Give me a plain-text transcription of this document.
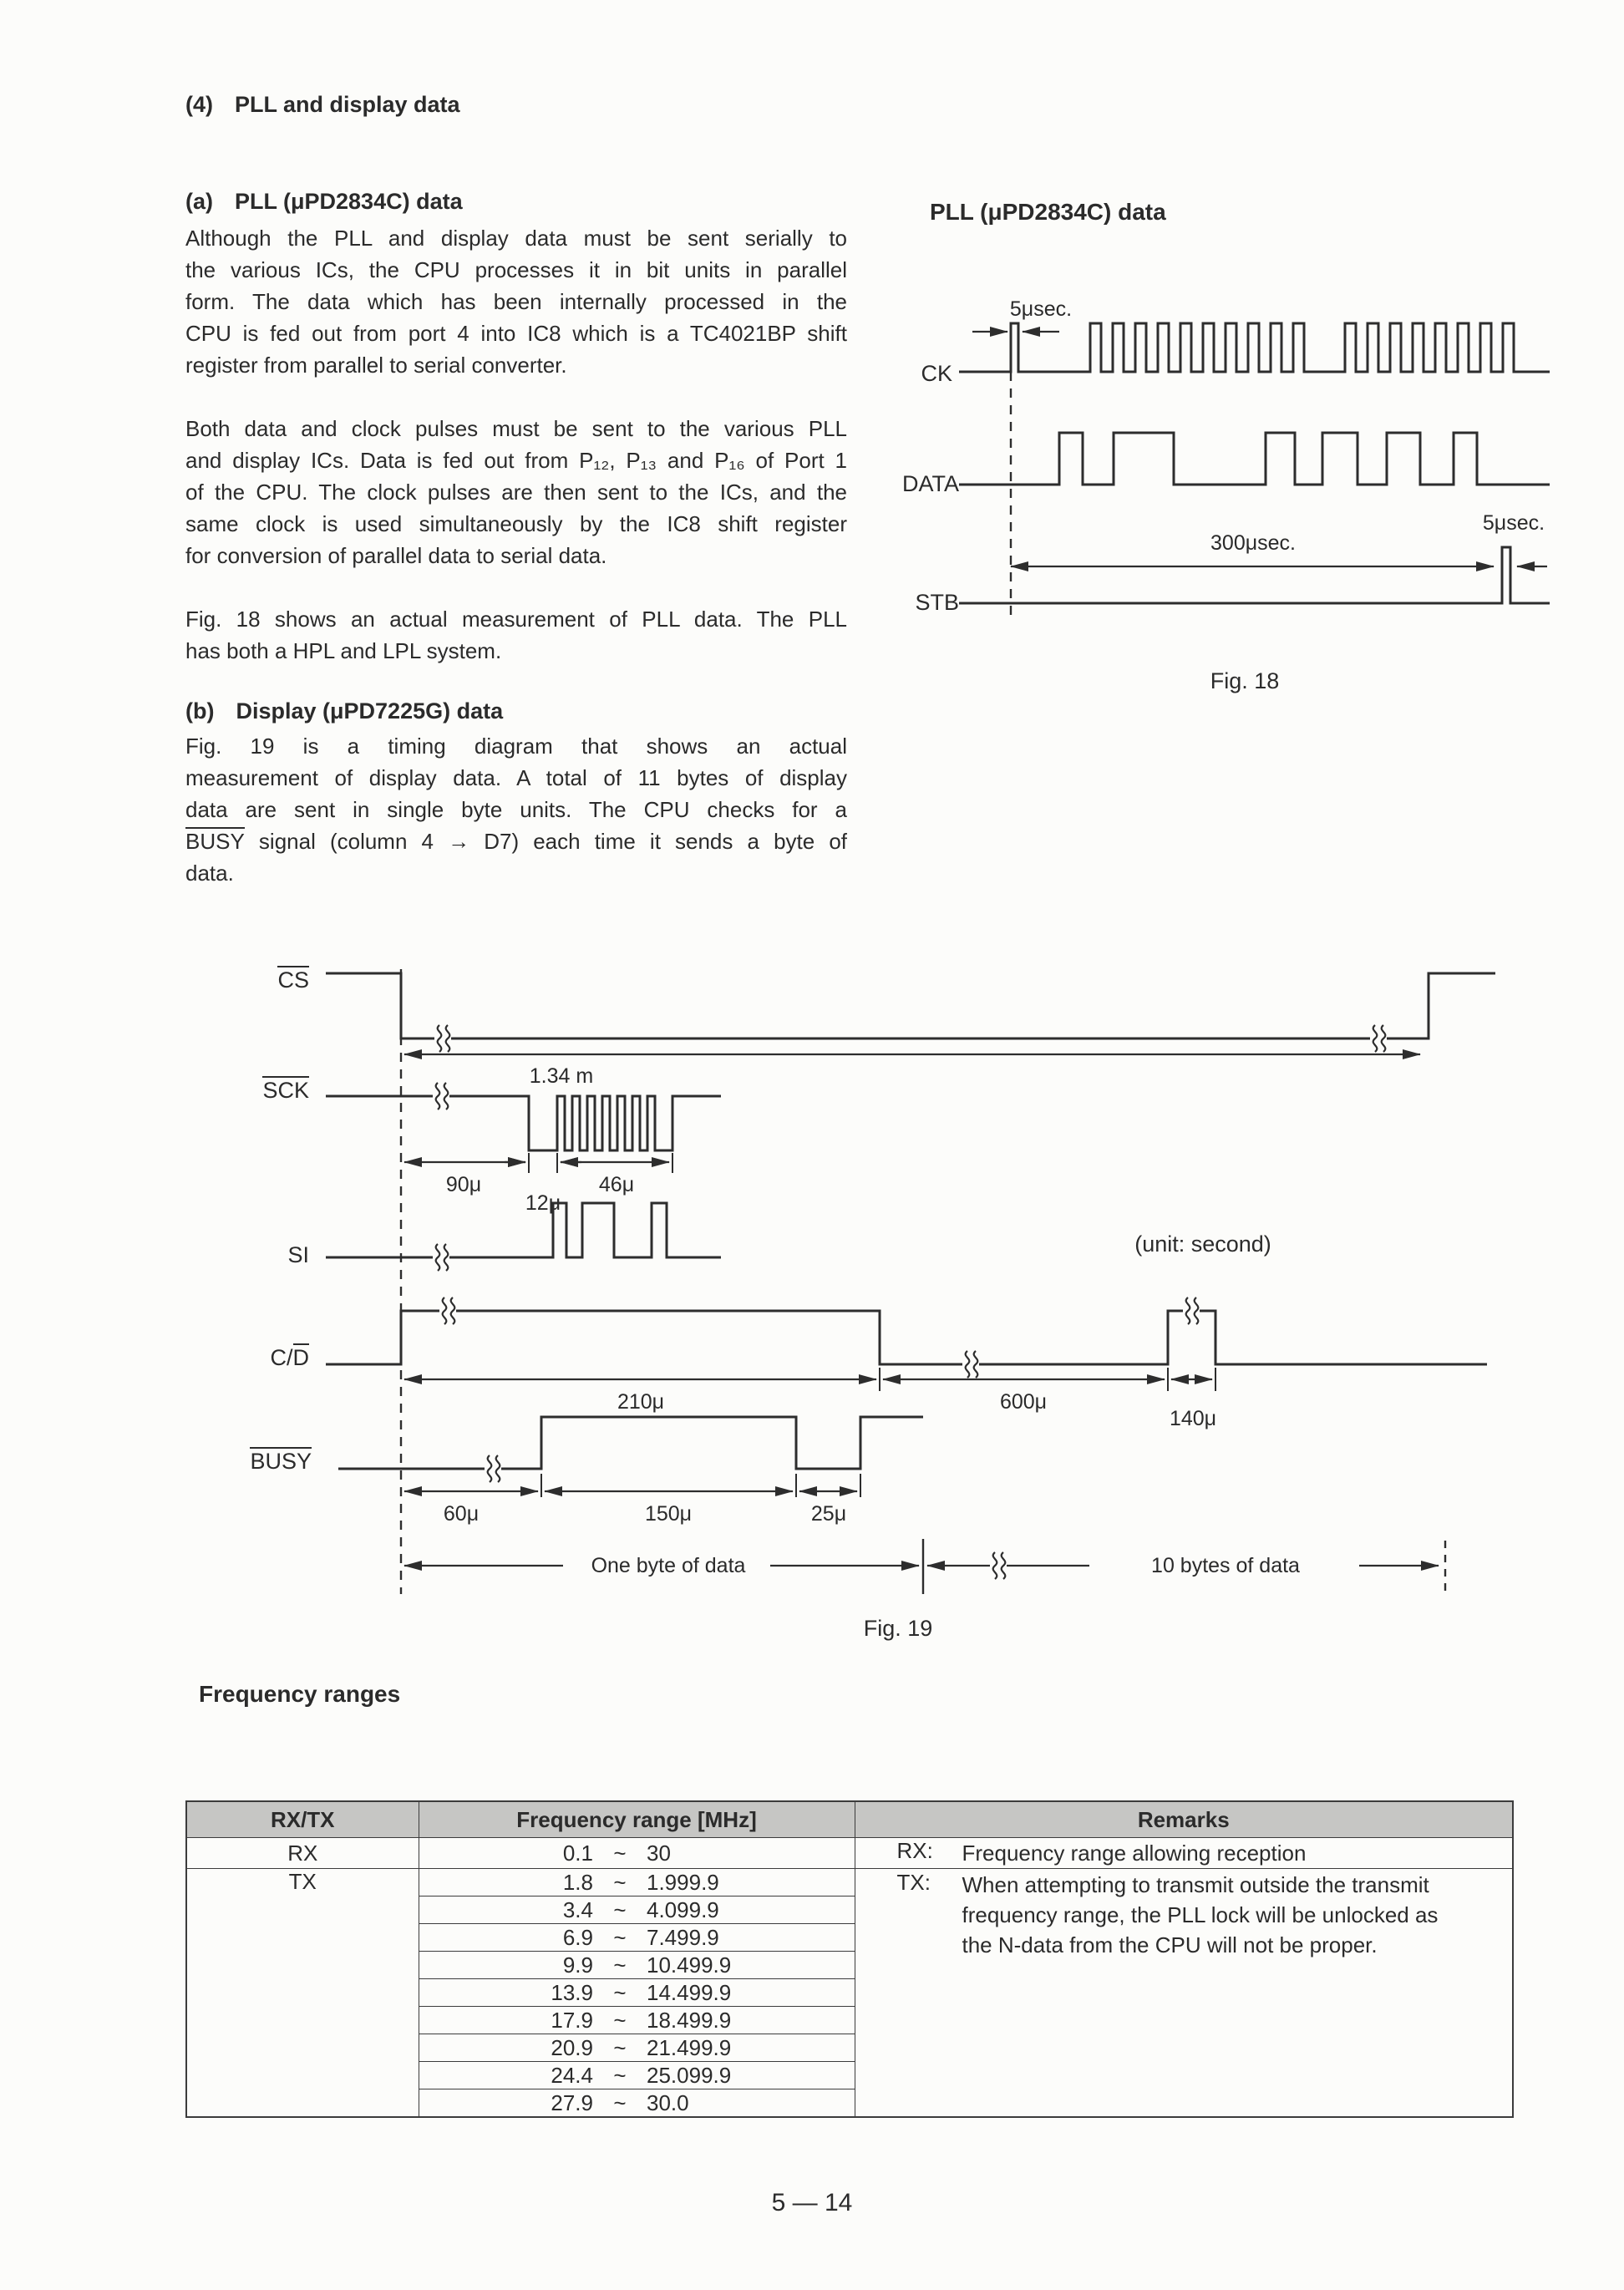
(4) PLL and display data
(a) PLL (μPD2834C) data
Although the PLL and display data must be sent serially to
the various ICs, the CPU processes it in bit units in parallel
form. The data which has been internally processed in the
CPU is fed out from port 4 into IC8 which is a TC4021BP shift
register from parallel to serial converter.
Both data and clock pulses must be sent to the various PLL
and display ICs. Data is fed out from P₁₂, P₁₃ and P₁₆ of Port 1
of the CPU. The clock pulses are then sent to the ICs, and the
same clock is used simultaneously by the IC8 shift register
for conversion of parallel data to serial data.
Fig. 18 shows an actual measurement of PLL data. The PLL
has both a HPL and LPL system.
(b) Display (μPD7225G) data
Fig. 19 is a timing diagram that shows an actual
measurement of display data. A total of 11 bytes of display
data are sent in single byte units. The CPU checks for a
BUSY signal (column 4 → D7) each time it sends a byte of
data.
PLL (μPD2834C) data
CK
DATA
STB
5μsec.
300μsec.
5μsec.
Fig. 18
CS
SCK
SI
C/D
BUSY
(unit: second)
1.34 m
90μ
12μ
46μ
210μ	600μ
140μ
60μ	150μ	25μ
One byte of data	10 bytes of data
Fig. 19
Frequency ranges
RX/TX	Frequency range [MHz]	Remarks
RX	0.1 ~ 30	RX: Frequency range allowing reception

TX	1.8 ~ 1.999.9	TX:	When attempting to transmit outside the transmit
frequency range, the PLL lock will be unlocked as
the N-data from the CPU will not be proper.

	3.4 ~ 4.099.9	

	6.9 ~ 7.499.9	

	9.9 ~ 10.499.9	

	13.9 ~ 14.499.9	

	17.9 ~ 18.499.9	

	20.9 ~ 21.499.9	

	24.4 ~ 25.099.9	

	27.9 ~ 30.0	
5 — 14
